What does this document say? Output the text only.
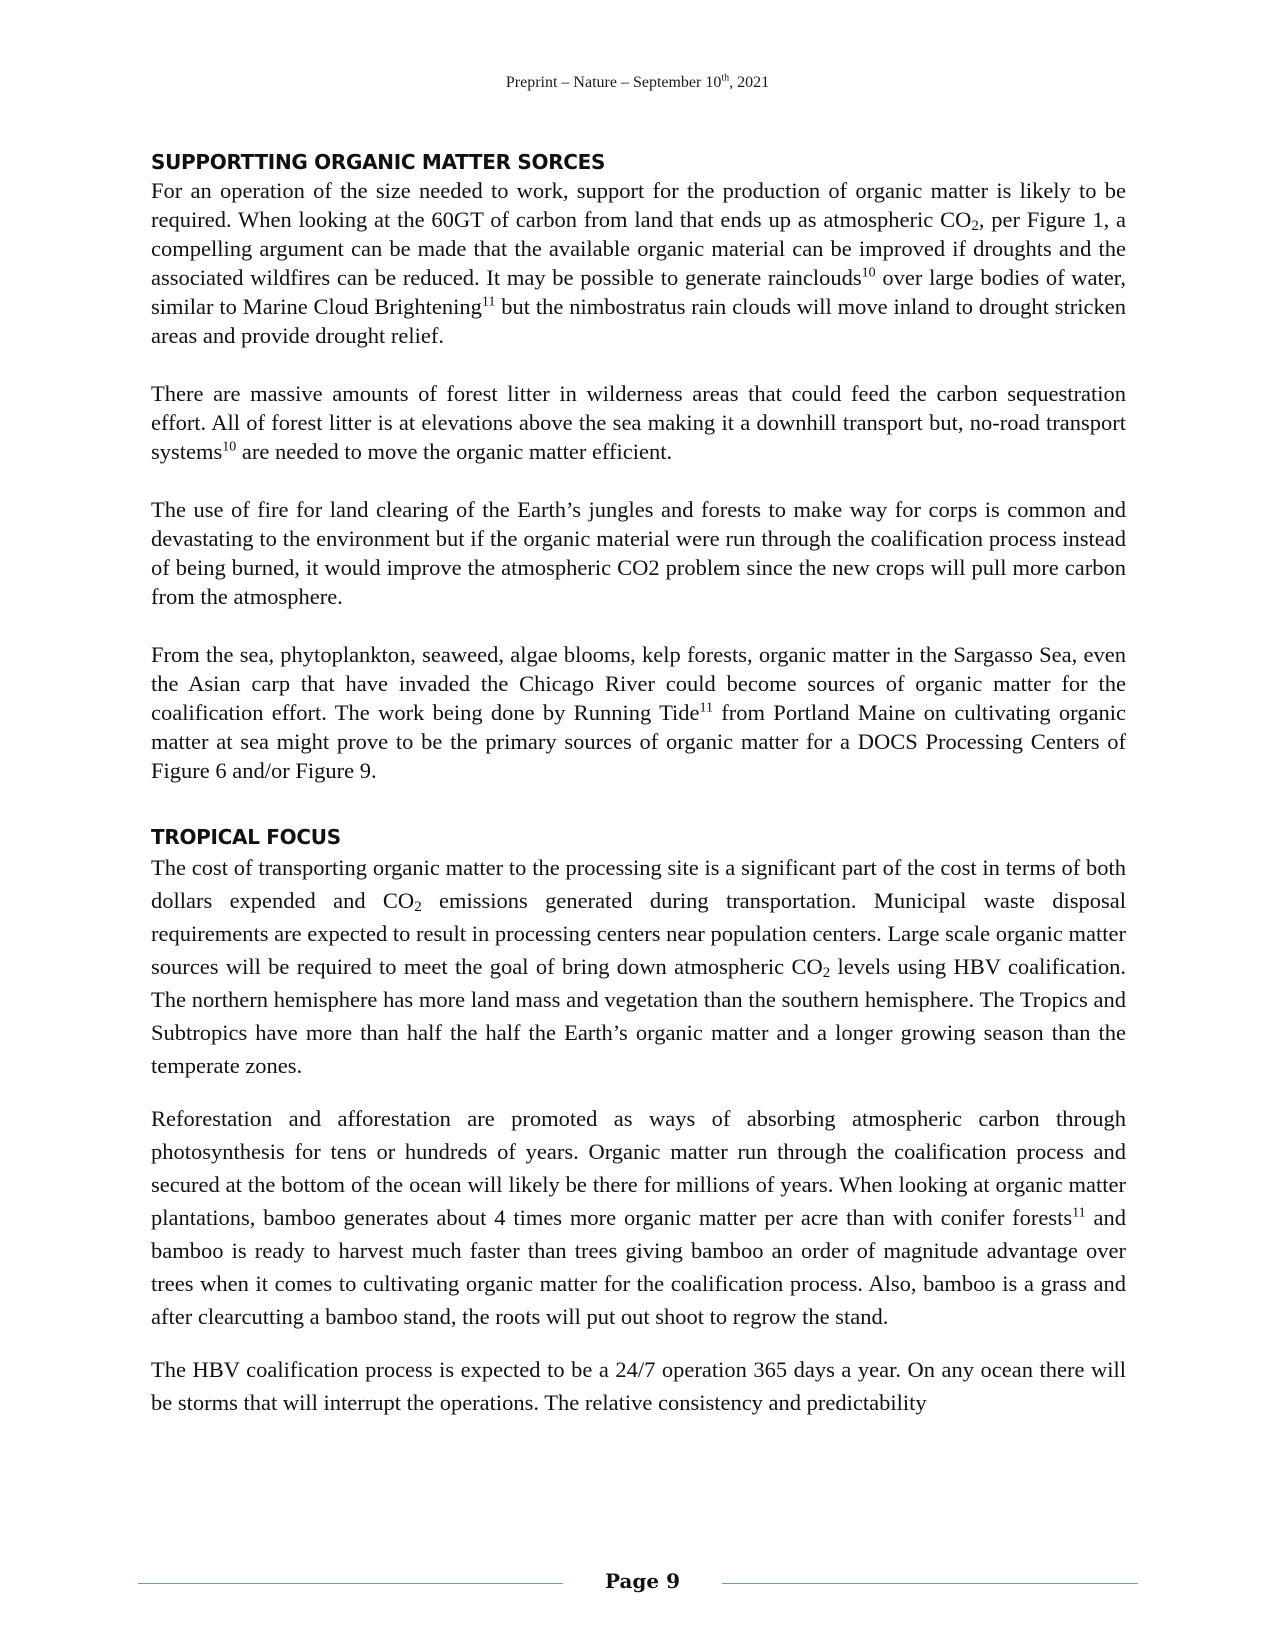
Preprint – Nature – September 10th, 2021
SUPPORTTING ORGANIC MATTER SORCES

For an operation of the size needed to work, support for the production of organic matter is likely to be required. When looking at the 60GT of carbon from land that ends up as atmospheric $CO_2$, per Figure 1, a compelling argument can be made that the available organic material can be improved if droughts and the associated wildfires can be reduced. It may be possible to generate rainclouds$^{10}$ over large bodies of water, similar to Marine Cloud Brightening$^{11}$ but the nimbostratus rain clouds will move inland to drought stricken areas and provide drought relief.

There are massive amounts of forest litter in wilderness areas that could feed the carbon sequestration effort. All of forest litter is at elevations above the sea making it a downhill transport but, no-road transport systems$^{10}$ are needed to move the organic matter efficient.

The use of fire for land clearing of the Earth’s jungles and forests to make way for corps is common and devastating to the environment but if the organic material were run through the coalification process instead of being burned, it would improve the atmospheric CO2 problem since the new crops will pull more carbon from the atmosphere.

From the sea, phytoplankton, seaweed, algae blooms, kelp forests, organic matter in the Sargasso Sea, even the Asian carp that have invaded the Chicago River could become sources of organic matter for the coalification effort. The work being done by Running Tide$^{11}$ from Portland Maine on cultivating organic matter at sea might prove to be the primary sources of organic matter for a DOCS Processing Centers of Figure 6 and/or Figure 9.

TROPICAL FOCUS

The cost of transporting organic matter to the processing site is a significant part of the cost in terms of both dollars expended and $CO_2$ emissions generated during transportation. Municipal waste disposal requirements are expected to result in processing centers near population centers. Large scale organic matter sources will be required to meet the goal of bring down atmospheric $CO_2$ levels using HBV coalification. The northern hemisphere has more land mass and vegetation than the southern hemisphere. The Tropics and Subtropics have more than half the half the Earth’s organic matter and a longer growing season than the temperate zones.

Reforestation and afforestation are promoted as ways of absorbing atmospheric carbon through photosynthesis for tens or hundreds of years. Organic matter run through the coalification process and secured at the bottom of the ocean will likely be there for millions of years. When looking at organic matter plantations, bamboo generates about 4 times more organic matter per acre than with conifer forests$^{11}$ and bamboo is ready to harvest much faster than trees giving bamboo an order of magnitude advantage over trees when it comes to cultivating organic matter for the coalification process. Also, bamboo is a grass and after clearcutting a bamboo stand, the roots will put out shoot to regrow the stand.

The HBV coalification process is expected to be a 24/7 operation 365 days a year. On any ocean there will be storms that will interrupt the operations. The relative consistency and predictability

Page 9
